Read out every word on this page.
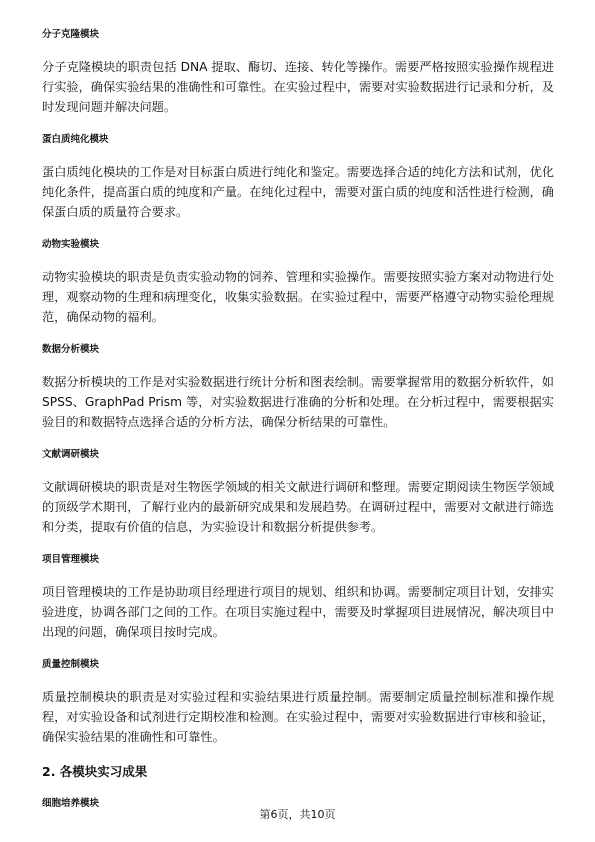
分子克隆模块

分子克隆模块的职责包括 DNA 提取、酶切、连接、转化等操作。需要严格按照实验操作规程进行实验，确保实验结果的准确性和可靠性。在实验过程中，需要对实验数据进行记录和分析，及时发现问题并解决问题。

蛋白质纯化模块

蛋白质纯化模块的工作是对目标蛋白质进行纯化和鉴定。需要选择合适的纯化方法和试剂，优化纯化条件，提高蛋白质的纯度和产量。在纯化过程中，需要对蛋白质的纯度和活性进行检测，确保蛋白质的质量符合要求。

动物实验模块

动物实验模块的职责是负责实验动物的饲养、管理和实验操作。需要按照实验方案对动物进行处理，观察动物的生理和病理变化，收集实验数据。在实验过程中，需要严格遵守动物实验伦理规范，确保动物的福利。

数据分析模块

数据分析模块的工作是对实验数据进行统计分析和图表绘制。需要掌握常用的数据分析软件，如 SPSS、GraphPad Prism 等，对实验数据进行准确的分析和处理。在分析过程中，需要根据实验目的和数据特点选择合适的分析方法，确保分析结果的可靠性。

文献调研模块

文献调研模块的职责是对生物医学领域的相关文献进行调研和整理。需要定期阅读生物医学领域的顶级学术期刊，了解行业内的最新研究成果和发展趋势。在调研过程中，需要对文献进行筛选和分类，提取有价值的信息，为实验设计和数据分析提供参考。

项目管理模块

项目管理模块的工作是协助项目经理进行项目的规划、组织和协调。需要制定项目计划，安排实验进度，协调各部门之间的工作。在项目实施过程中，需要及时掌握项目进展情况，解决项目中出现的问题，确保项目按时完成。

质量控制模块

质量控制模块的职责是对实验过程和实验结果进行质量控制。需要制定质量控制标准和操作规程，对实验设备和试剂进行定期校准和检测。在实验过程中，需要对实验数据进行审核和验证，确保实验结果的准确性和可靠性。

2. 各模块实习成果
细胞培养模块
第6页，共10页
